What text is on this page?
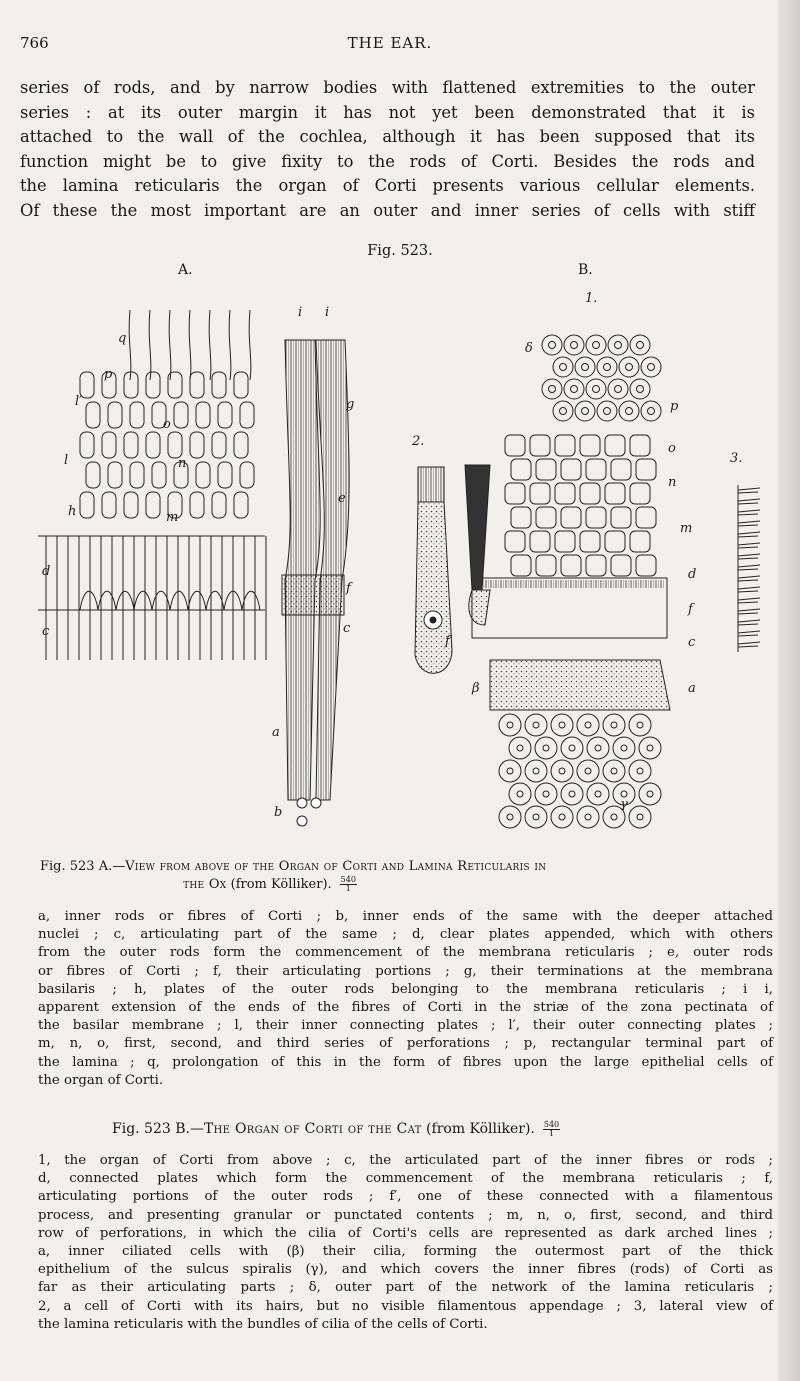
766	THE EAR.
series of rods, and by narrow bodies with flattened extremities to the outer
series : at its outer margin it has not yet been demonstrated that it is
attached to the wall of the cochlea, although it has been supposed that its
function might be to give fixity to the rods of Corti. Besides the rods and
the lamina reticularis the organ of Corti presents various cellular elements.
Of these the most important are an outer and inner series of cells with stiff
Fig. 523.
A.	B.
q
p
l′
l
o
n
h	m
d
c
i i
g
e
f
c
a
b
1.
δ
p
o
n
m
d
f
c
a
β
γ
2.
f′
3.
Fig. 523 A.—View from above of the Organ of Corti and Lamina Reticularis in
the Ox (from Kölliker). $\frac{540}{1}$
a, inner rods or fibres of Corti ; b, inner ends of the same with the deeper attached
nuclei ; c, articulating part of the same ; d, clear plates appended, which with others
from the outer rods form the commencement of the membrana reticularis ; e, outer rods
or fibres of Corti ; f, their articulating portions ; g, their terminations at the membrana
basilaris ; h, plates of the outer rods belonging to the membrana reticularis ; i i,
apparent extension of the ends of the fibres of Corti in the striæ of the zona pectinata of
the basilar membrane ; l, their inner connecting plates ; l′, their outer connecting plates ;
m, n, o, first, second, and third series of perforations ; p, rectangular terminal part of
the lamina ; q, prolongation of this in the form of fibres upon the large epithelial cells of
the organ of Corti.
Fig. 523 B.—The Organ of Corti of the Cat (from Kölliker). $\frac{540}{1}$
1, the organ of Corti from above ; c, the articulated part of the inner fibres or rods ;
d, connected plates which form the commencement of the membrana reticularis ; f,
articulating portions of the outer rods ; f′, one of these connected with a filamentous
process, and presenting granular or punctated contents ; m, n, o, first, second, and third
row of perforations, in which the cilia of Corti's cells are represented as dark arched lines ;
a, inner ciliated cells with (β) their cilia, forming the outermost part of the thick
epithelium of the sulcus spiralis (γ), and which covers the inner fibres (rods) of Corti as
far as their articulating parts ; δ, outer part of the network of the lamina reticularis ;
2, a cell of Corti with its hairs, but no visible filamentous appendage ; 3, lateral view of
the lamina reticularis with the bundles of cilia of the cells of Corti.
